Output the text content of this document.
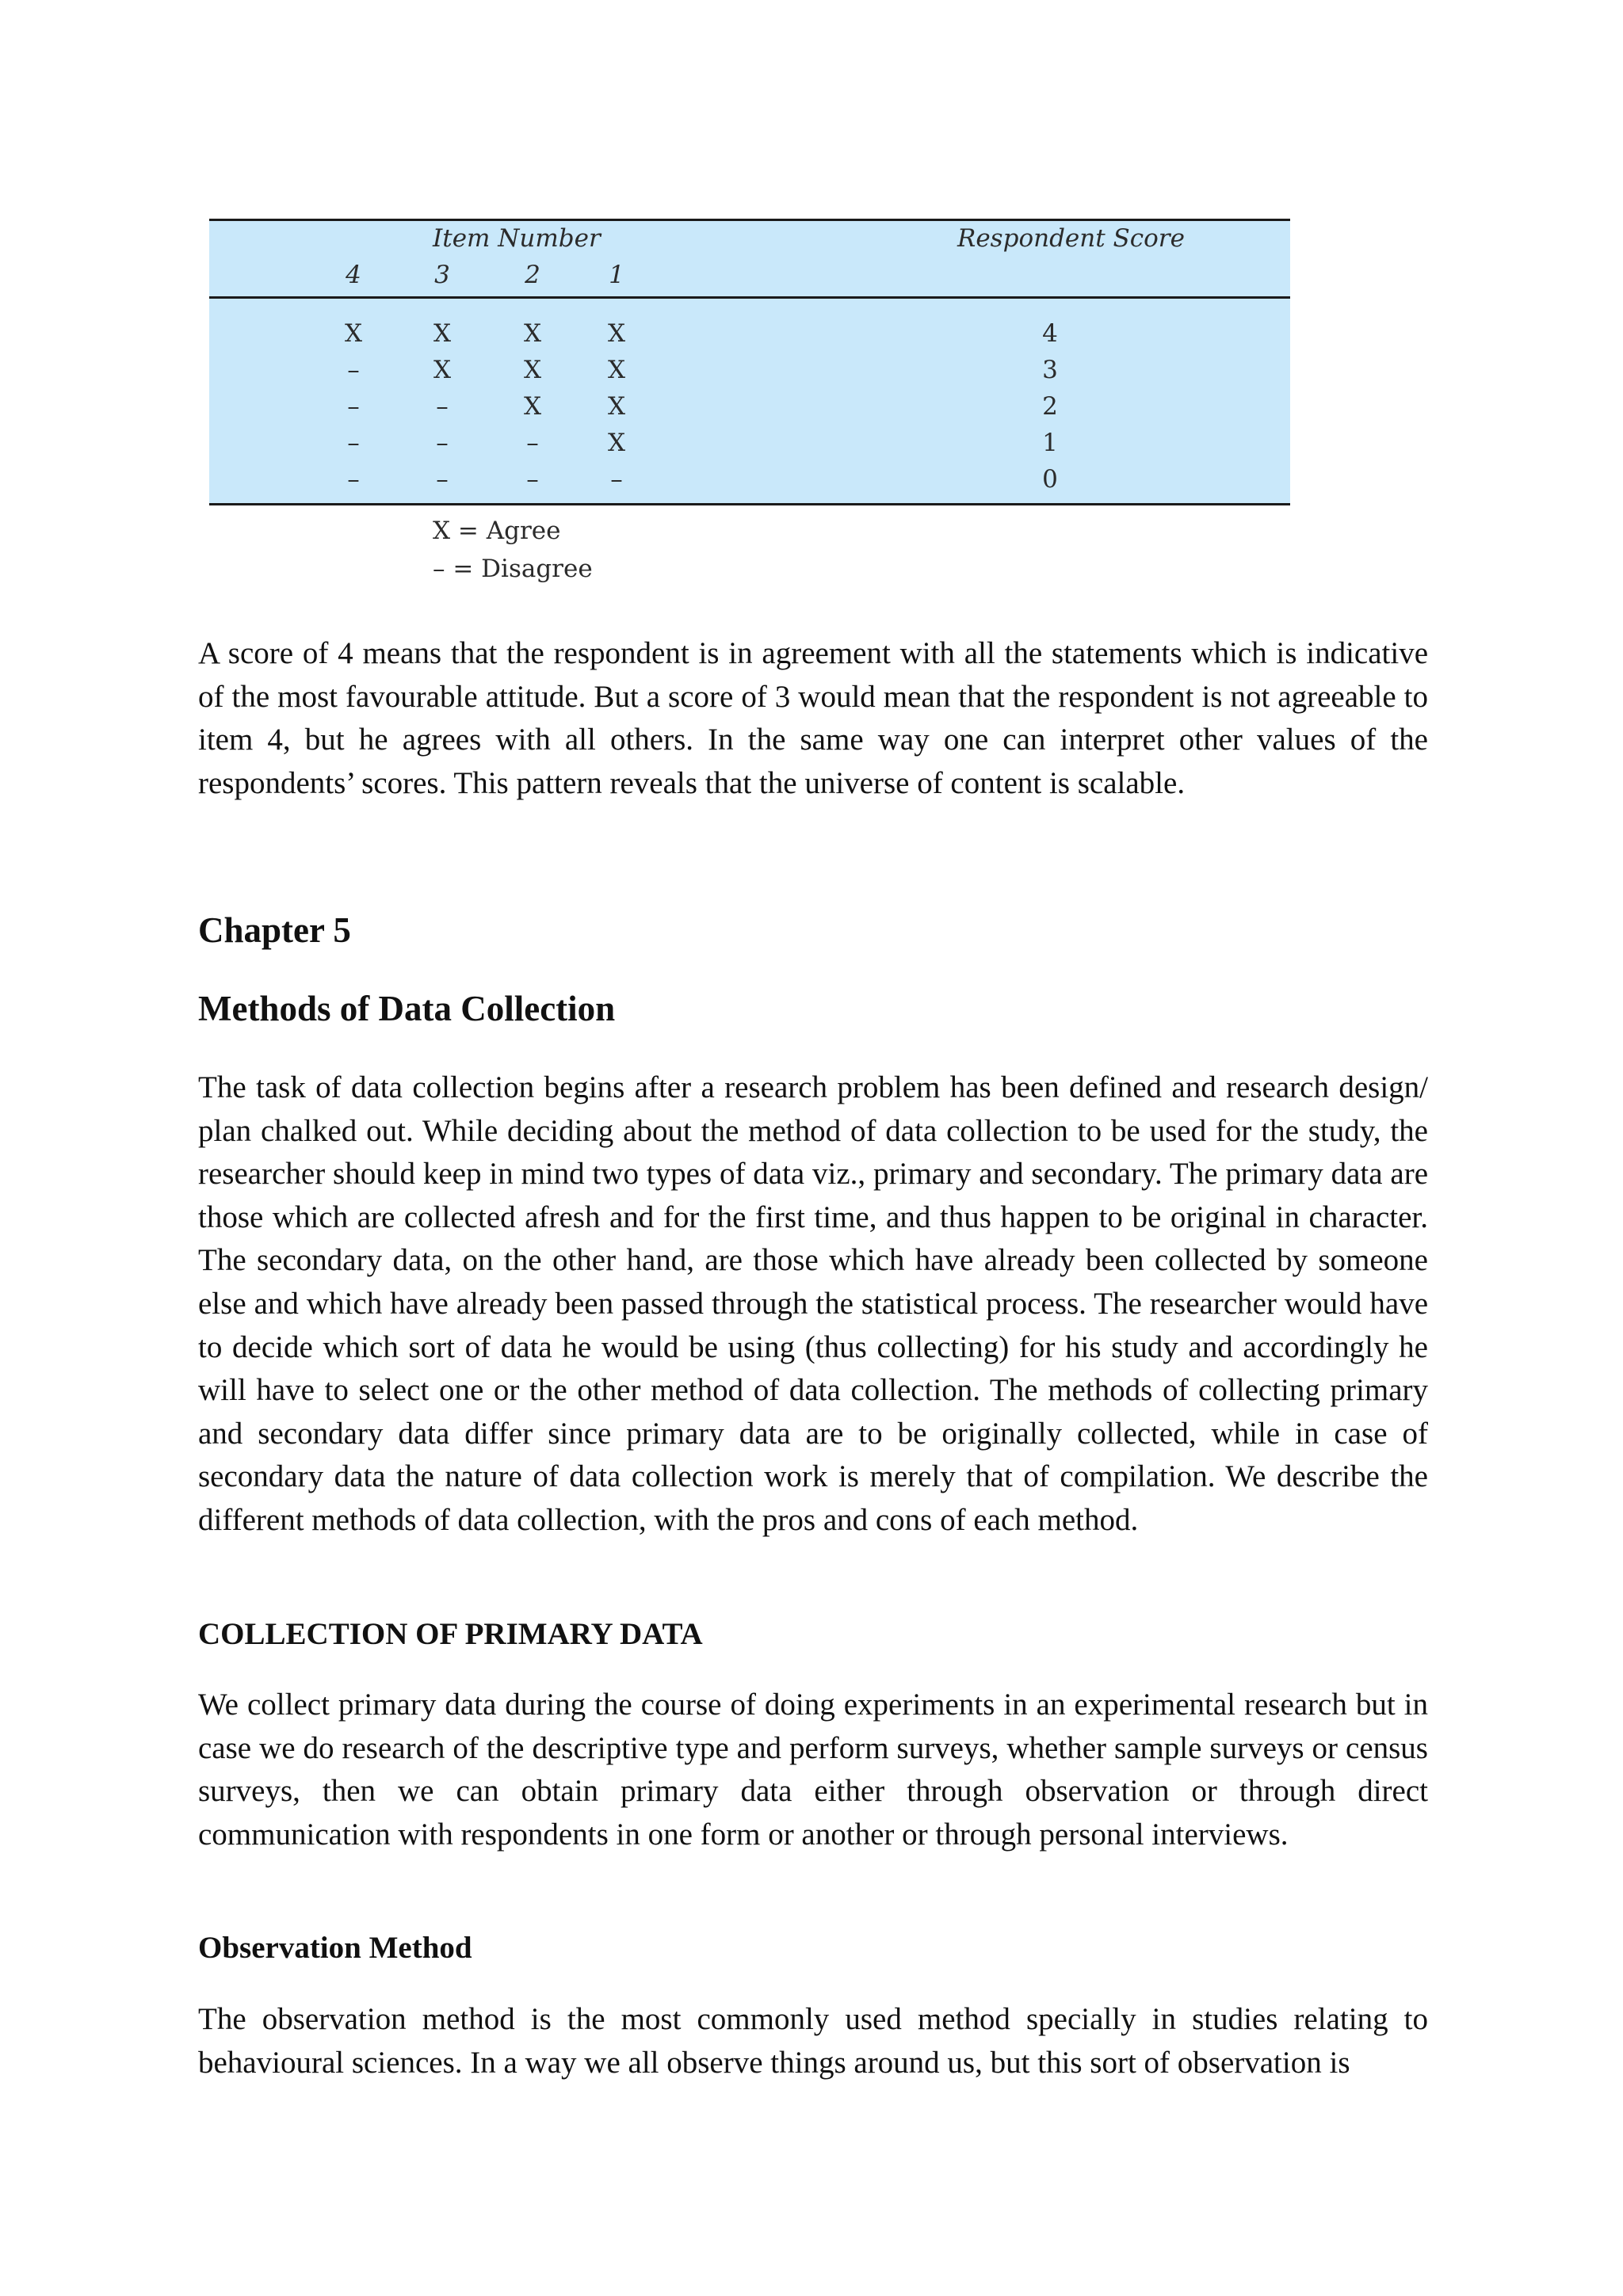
Item Number	Respondent Score
4	3	2	1
X	X	X	X	4
–	X	X	X	3
–	–	X	X	2
–	–	–	X	1
–	–	–	–	0
X = Agree
– = Disagree

A score of 4 means that the respondent is in agreement with all the statements which is indicative of the most favourable attitude. But a score of 3 would mean that the respondent is not agreeable to item 4, but he agrees with all others. In the same way one can interpret other values of the respondents’ scores. This pattern reveals that the universe of content is scalable.

Chapter 5
Methods of Data Collection

The task of data collection begins after a research problem has been defined and research design/ plan chalked out. While deciding about the method of data collection to be used for the study, the researcher should keep in mind two types of data viz., primary and secondary. The primary data are those which are collected afresh and for the first time, and thus happen to be original in character. The secondary data, on the other hand, are those which have already been collected by someone else and which have already been passed through the statistical process. The researcher would have to decide which sort of data he would be using (thus collecting) for his study and accordingly he will have to select one or the other method of data collection. The methods of collecting primary and secondary data differ since primary data are to be originally collected, while in case of secondary data the nature of data collection work is merely that of compilation. We describe the different methods of data collection, with the pros and cons of each method.

COLLECTION OF PRIMARY DATA

We collect primary data during the course of doing experiments in an experimental research but in case we do research of the descriptive type and perform surveys, whether sample surveys or census surveys, then we can obtain primary data either through observation or through direct communication with respondents in one form or another or through personal interviews.

Observation Method

The observation method is the most commonly used method specially in studies relating to behavioural sciences. In a way we all observe things around us, but this sort of observation is
